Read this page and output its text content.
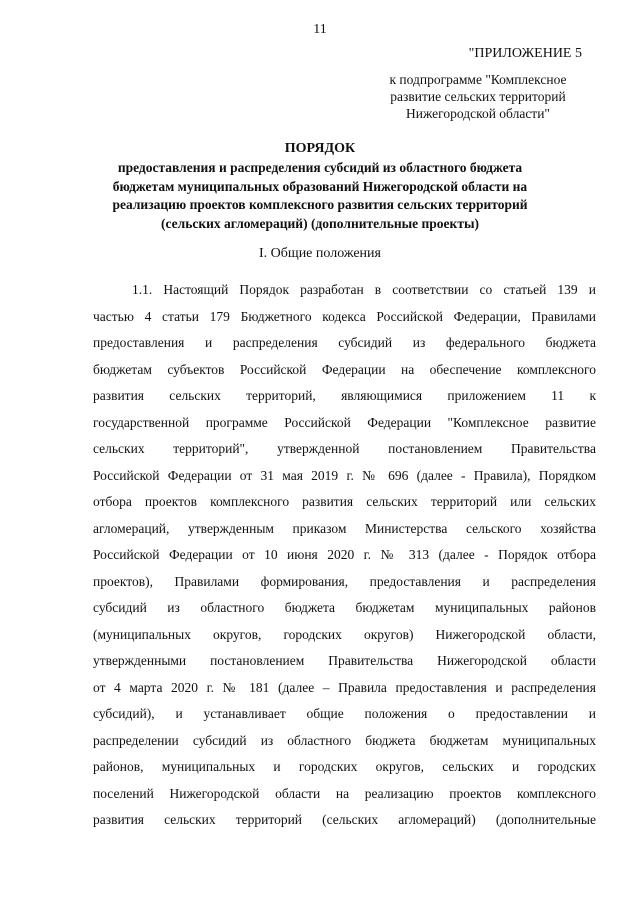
11
"ПРИЛОЖЕНИЕ 5
к подпрограмме "Комплексное
развитие сельских территорий
Нижегородской области"
ПОРЯДОК
предоставления и распределения субсидий из областного бюджета
бюджетам муниципальных образований Нижегородской области на
реализацию проектов комплексного развития сельских территорий
(сельских агломераций) (дополнительные проекты)
I. Общие положения
1.1. Настоящий Порядок разработан в соответствии со статьей 139 и
частью 4 статьи 179 Бюджетного кодекса Российской Федерации, Правилами
предоставления и распределения субсидий из федерального бюджета
бюджетам субъектов Российской Федерации на обеспечение комплексного
развития сельских территорий, являющимися приложением 11 к
государственной программе Российской Федерации "Комплексное развитие
сельских территорий", утвержденной постановлением Правительства
Российской Федерации от 31 мая 2019 г. № 696 (далее - Правила), Порядком
отбора проектов комплексного развития сельских территорий или сельских
агломераций, утвержденным приказом Министерства сельского хозяйства
Российской Федерации от 10 июня 2020 г. № 313 (далее - Порядок отбора
проектов), Правилами формирования, предоставления и распределения
субсидий из областного бюджета бюджетам муниципальных районов
(муниципальных округов, городских округов) Нижегородской области,
утвержденными постановлением Правительства Нижегородской области
от 4 марта 2020 г. № 181 (далее – Правила предоставления и распределения
субсидий), и устанавливает общие положения о предоставлении и
распределении субсидий из областного бюджета бюджетам муниципальных
районов, муниципальных и городских округов, сельских и городских
поселений Нижегородской области на реализацию проектов комплексного
развития сельских территорий (сельских агломераций) (дополнительные
